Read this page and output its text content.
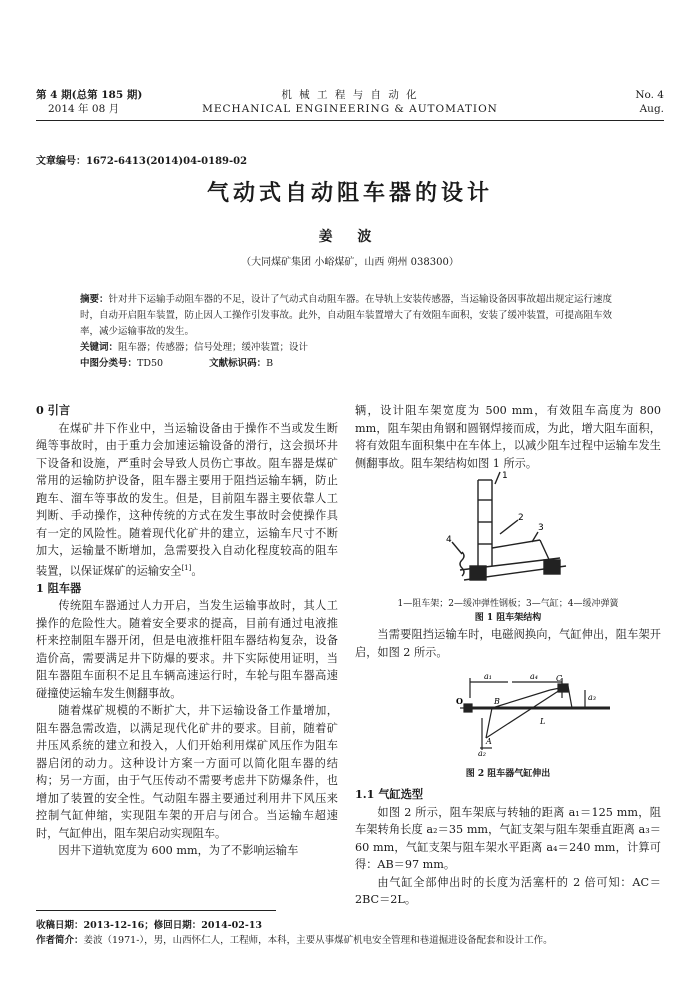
第 4 期(总第 185 期)
2014 年 08 月
机 械 工 程 与 自 动 化
MECHANICAL ENGINEERING & AUTOMATION
No. 4
Aug.
文章编号：1672-6413(2014)04-0189-02
气动式自动阻车器的设计
姜 波
（大同煤矿集团 小峪煤矿，山西 朔州 038300）
摘要：针对井下运输手动阻车器的不足，设计了气动式自动阻车器。在导轨上安装传感器，当运输设备因事故超出规定运行速度时，自动开启阻车装置，防止因人工操作引发事故。此外，自动阻车装置增大了有效阻车面积，安装了缓冲装置，可提高阻车效率，减少运输事故的发生。
关键词：阻车器；传感器；信号处理；缓冲装置；设计
中图分类号：TD50	文献标识码：B

0 引言

在煤矿井下作业中，当运输设备由于操作不当或发生断绳等事故时，由于重力会加速运输设备的滑行，这会损坏井下设备和设施，严重时会导致人员伤亡事故。阻车器是煤矿常用的运输防护设备，阻车器主要用于阻挡运输车辆，防止跑车、溜车等事故的发生。但是，目前阻车器主要依靠人工判断、手动操作，这种传统的方式在发生事故时会使操作具有一定的风险性。随着现代化矿井的建立，运输车尺寸不断加大，运输量不断增加，急需要投入自动化程度较高的阻车装置，以保证煤矿的运输安全[1]。

1 阻车器

传统阻车器通过人力开启，当发生运输事故时，其人工操作的危险性大。随着安全要求的提高，目前有通过电液推杆来控制阻车器开闭，但是电液推杆阻车器结构复杂，设备造价高，需要满足井下防爆的要求。井下实际使用证明，当阻车器阻车面积不足且车辆高速运行时，车轮与阻车器高速碰撞使运输车发生侧翻事故。

随着煤矿规模的不断扩大，井下运输设备工作量增加，阻车器急需改造，以满足现代化矿井的要求。目前，随着矿井压风系统的建立和投入，人们开始利用煤矿风压作为阻车器启闭的动力。这种设计方案一方面可以简化阻车器的结构；另一方面，由于气压传动不需要考虑井下防爆条件，也增加了装置的安全性。气动阻车器主要通过利用井下风压来控制气缸伸缩，实现阻车架的开启与闭合。当运输车超速时，气缸伸出，阻车架启动实现阻车。

因井下道轨宽度为 600 mm，为了不影响运输车

辆，设计阻车架宽度为 500 mm，有效阻车高度为 800 mm，阻车架由角钢和圆钢焊接而成，为此，增大阻车面积，将有效阻车面积集中在车体上，以减少阻车过程中运输车发生侧翻事故。阻车架结构如图 1 所示。

1
2
3
4
1—阻车架；2—缓冲弹性钢板；3—气缸；4—缓冲弹簧
图 1 阻车架结构

当需要阻挡运输车时，电磁阀换向，气缸伸出，阻车架开启，如图 2 所示。

a₁	a₄
a₃
a₂
O	B
C
A
L
图 2 阻车器气缸伸出

1.1 气缸选型

如图 2 所示，阻车架底与转轴的距离 a₁＝125 mm，阻车架转角长度 a₂＝35 mm，气缸支架与阻车架垂直距离 a₃＝60 mm，气缸支架与阻车架水平距离 a₄＝240 mm，计算可得：AB＝97 mm。

由气缸全部伸出时的长度为活塞杆的 2 倍可知：AC＝2BC＝2L。

收稿日期：2013-12-16；修回日期：2014-02-13
作者简介：姜波（1971-），男，山西怀仁人，工程师，本科，主要从事煤矿机电安全管理和巷道掘进设备配套和设计工作。
